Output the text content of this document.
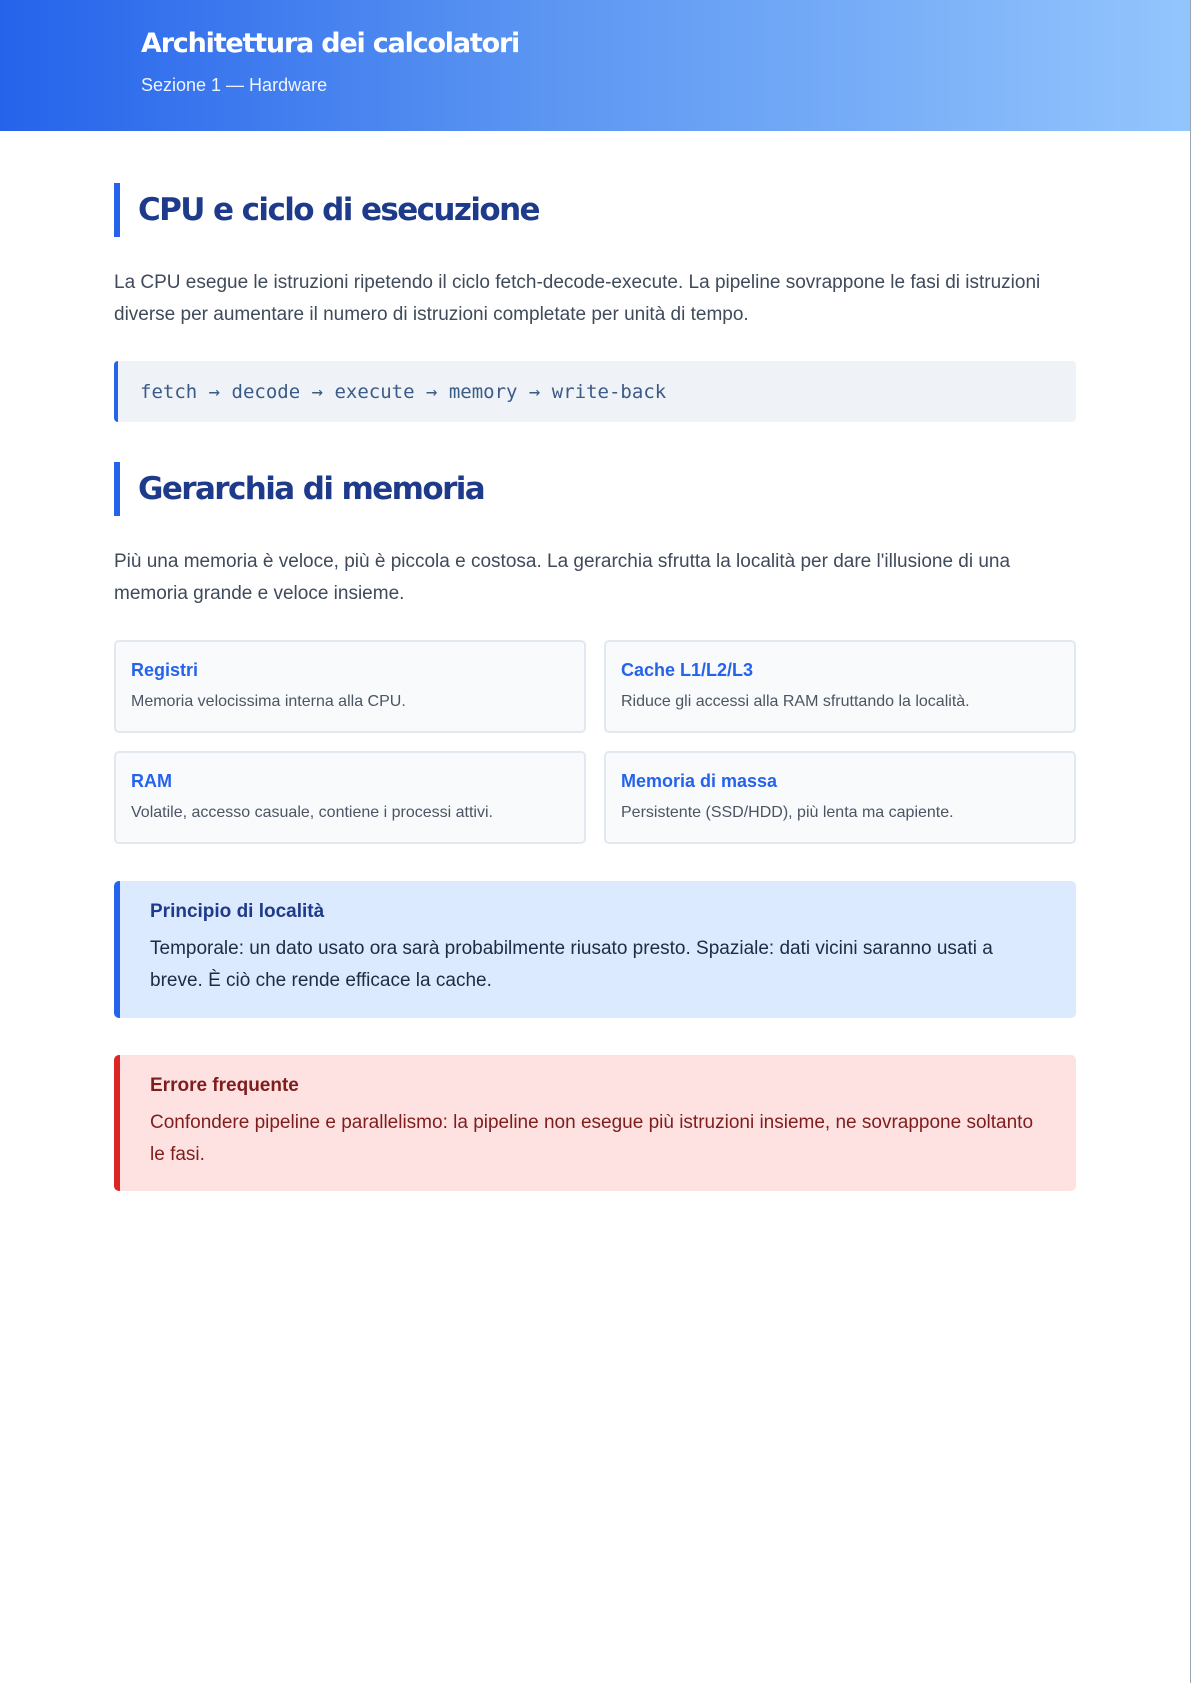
Architettura dei calcolatori
Sezione 1 — Hardware
CPU e ciclo di esecuzione

La CPU esegue le istruzioni ripetendo il ciclo fetch-decode-execute. La pipeline sovrappone le fasi di istruzioni diverse per aumentare il numero di istruzioni completate per unità di tempo.

fetch → decode → execute → memory → write-back
Gerarchia di memoria

Più una memoria è veloce, più è piccola e costosa. La gerarchia sfrutta la località per dare l'illusione di una memoria grande e veloce insieme.

Registri
Memoria velocissima interna alla CPU.
Cache L1/L2/L3
Riduce gli accessi alla RAM sfruttando la località.
RAM
Volatile, accesso casuale, contiene i processi attivi.
Memoria di massa
Persistente (SSD/HDD), più lenta ma capiente.
Principio di località

Temporale: un dato usato ora sarà probabilmente riusato presto. Spaziale: dati vicini saranno usati a breve. È ciò che rende efficace la cache.

Errore frequente

Confondere pipeline e parallelismo: la pipeline non esegue più istruzioni insieme, ne sovrappone soltanto le fasi.
